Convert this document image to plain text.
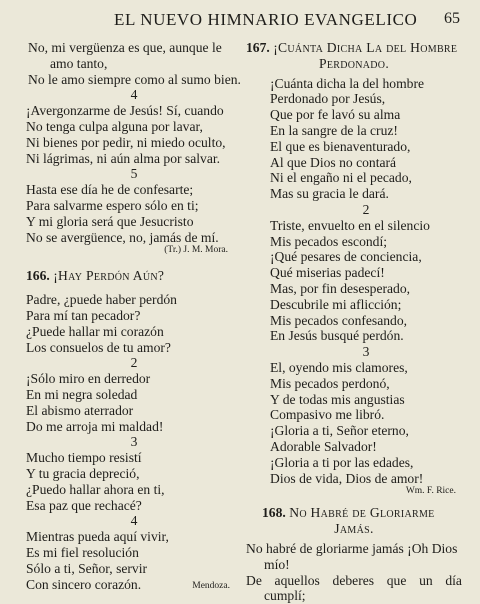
EL NUEVO HIMNARIO EVANGELICO 65
No, mi vergüenza es que, aunque le
amo tanto,
No le amo siempre como al sumo bien.
4
¡Avergonzarme de Jesús! Sí, cuando
No tenga culpa alguna por lavar,
Ni bienes por pedir, ni miedo oculto,
Ni lágrimas, ni aún alma por salvar.
5
Hasta ese día he de confesarte;
Para salvarme espero sólo en ti;
Y mi gloria será que Jesucristo
No se avergüence, no, jamás de mí.
(Tr.) J. M. Mora.
166. ¡Hay Perdón Aún?
Padre, ¿puede haber perdón
Para mí tan pecador?
¿Puede hallar mi corazón
Los consuelos de tu amor?
2
¡Sólo miro en derredor
En mi negra soledad
El abismo aterrador
Do me arroja mi maldad!
3
Mucho tiempo resistí
Y tu gracia depreció,
¿Puedo hallar ahora en ti,
Esa paz que rechacé?
4
Mientras pueda aquí vivir,
Es mi fiel resolución
Sólo a ti, Señor, servir
Con sincero corazón.	Mendoza.
167. ¡Cuánta Dicha La del Hombre
Perdonado.
¡Cuánta dicha la del hombre
Perdonado por Jesús,
Que por fe lavó su alma
En la sangre de la cruz!
El que es bienaventurado,
Al que Dios no contará
Ni el engaño ni el pecado,
Mas su gracia le dará.
2
Triste, envuelto en el silencio
Mis pecados escondí;
¡Qué pesares de conciencia,
Qué miserias padecí!
Mas, por fin desesperado,
Descubrile mi aflicción;
Mis pecados confesando,
En Jesús busqué perdón.
3
El, oyendo mis clamores,
Mis pecados perdonó,
Y de todas mis angustias
Compasivo me libró.
¡Gloria a ti, Señor eterno,
Adorable Salvador!
¡Gloria a ti por las edades,
Dios de vida, Dios de amor!
Wm. F. Rice.
168. No Habré de Gloriarme
Jamás.
No habré de gloriarme jamás ¡Oh Dios
mío!
De aquellos deberes que un día
cumplí;
